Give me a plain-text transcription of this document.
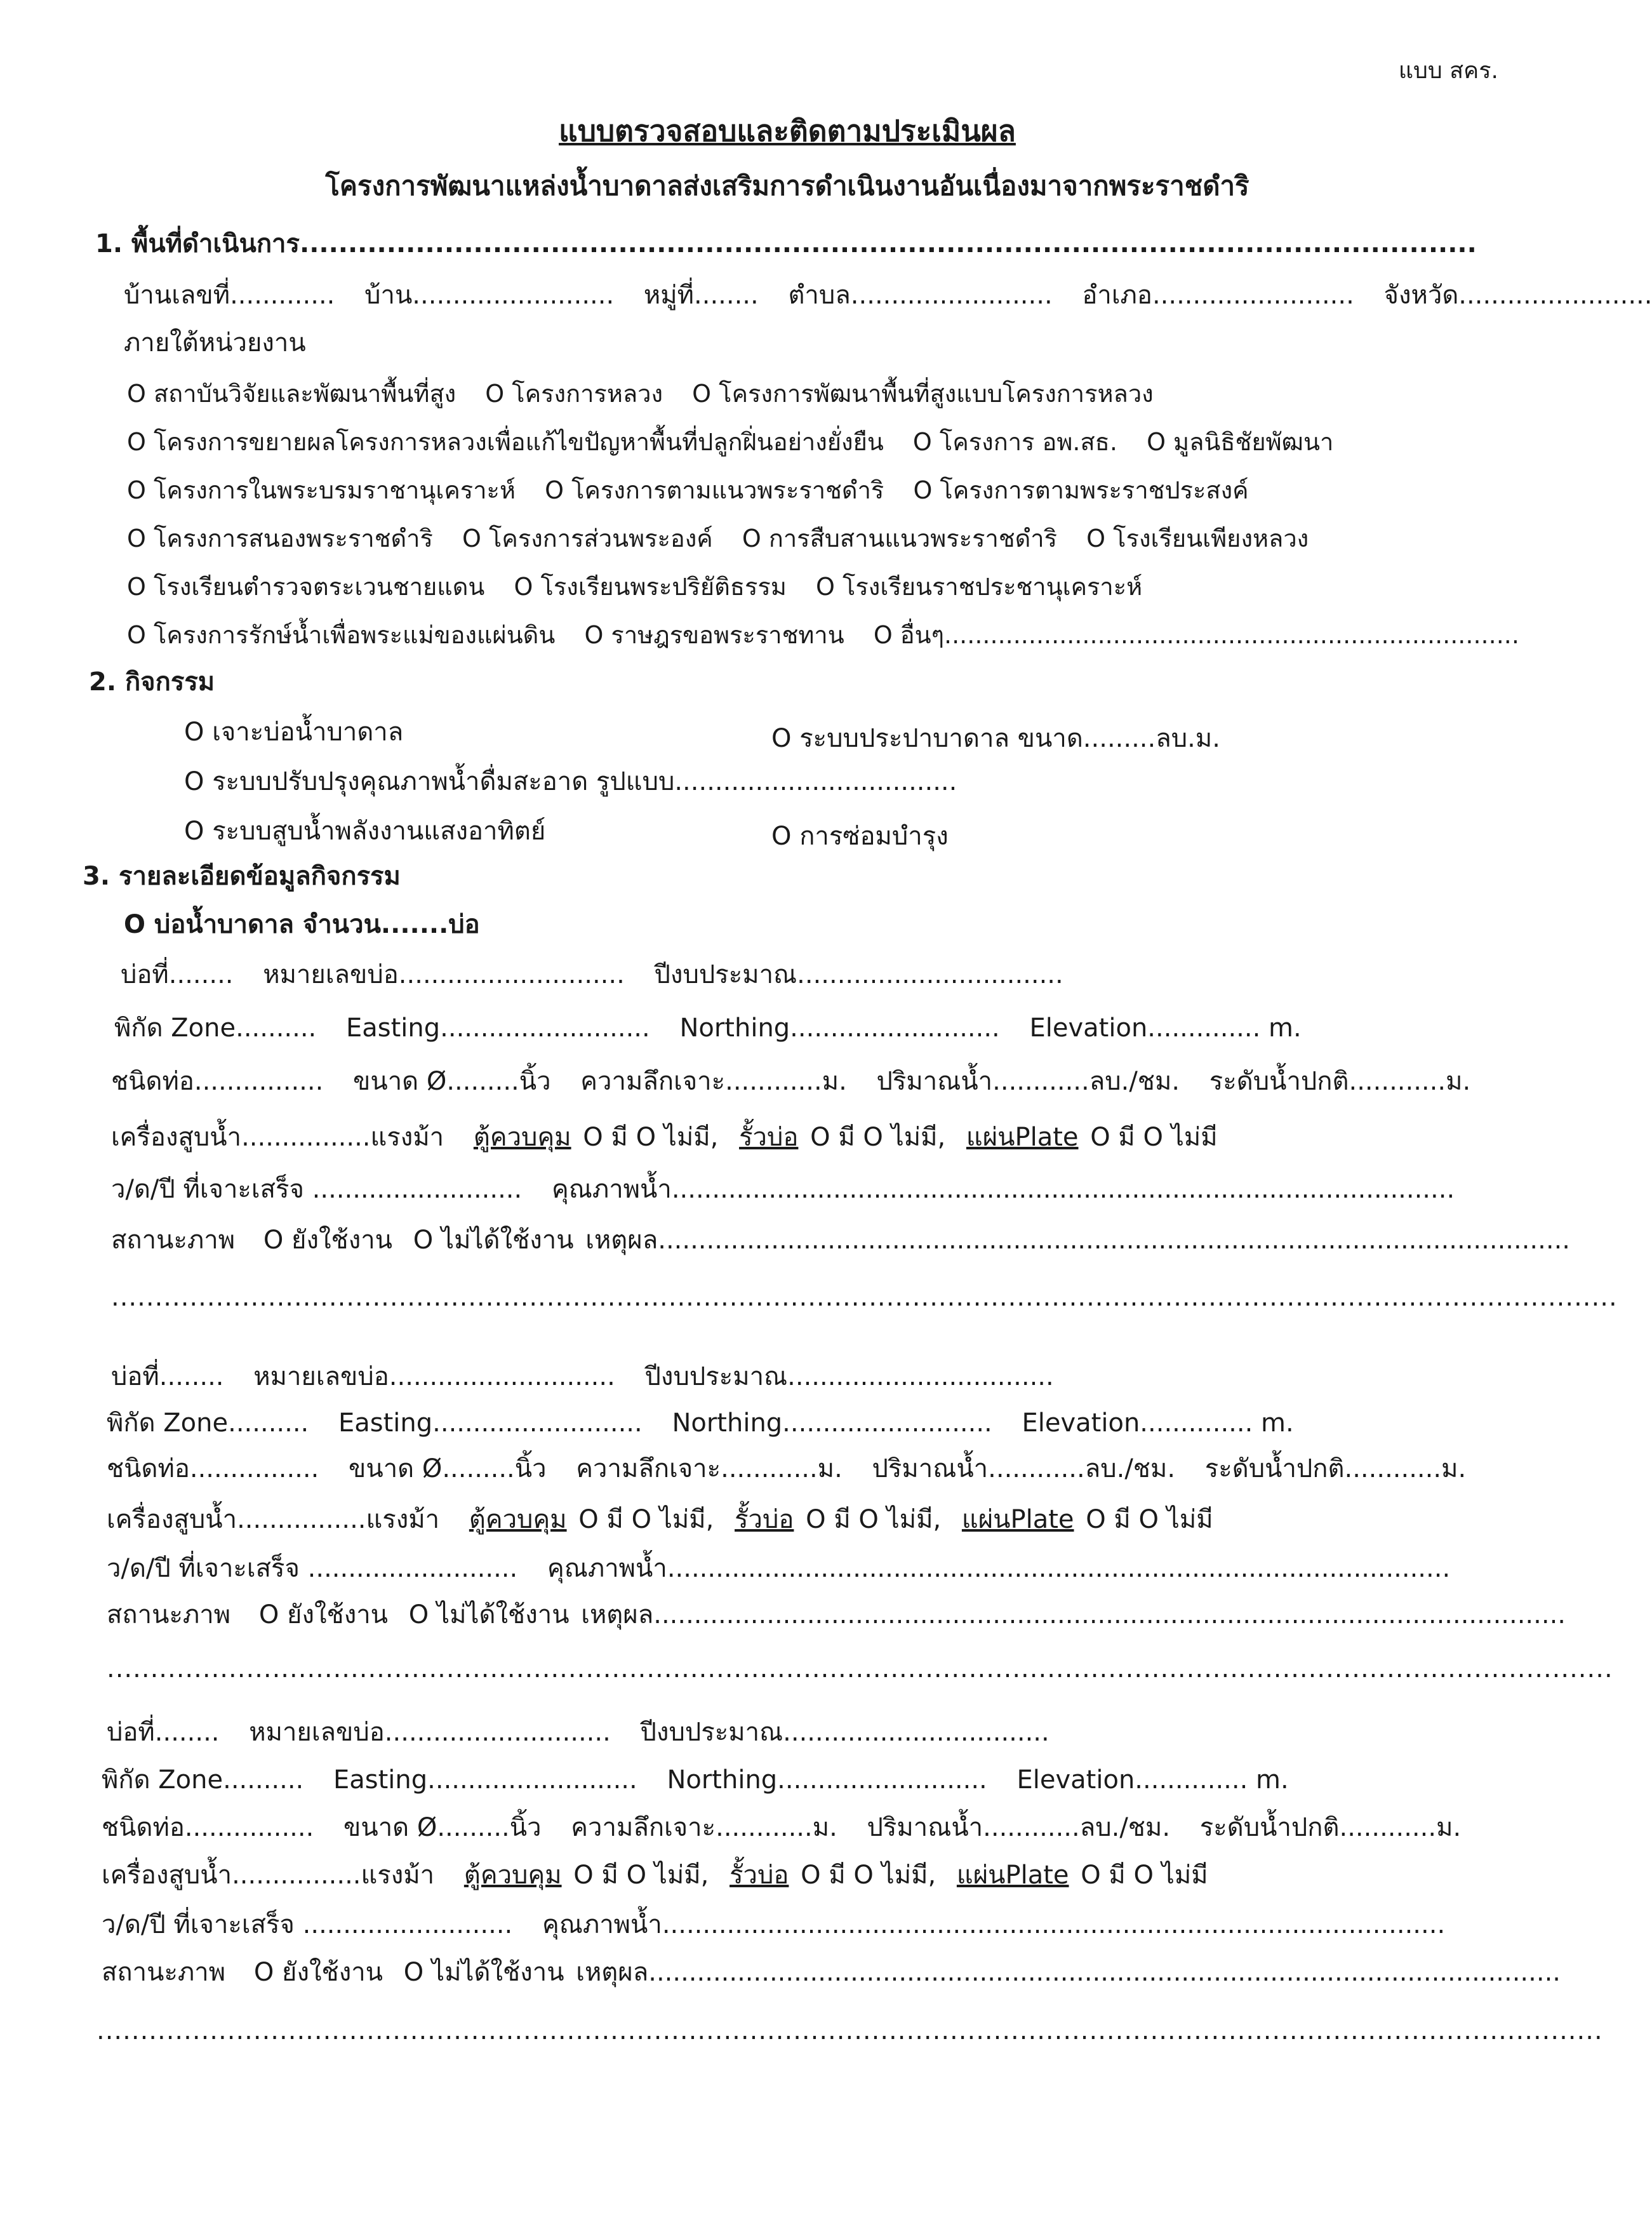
แบบ สคร.
แบบตรวจสอบและติดตามประเมินผล
โครงการพัฒนาแหล่งน้ำบาดาลส่งเสริมการดำเนินงานอันเนื่องมาจากพระราชดำริ
1. พื้นที่ดำเนินการ..........................................................................................................................
บ้านเลขที่............. บ้าน......................... หมู่ที่........ ตำบล......................... อำเภอ......................... จังหวัด........................
ภายใต้หน่วยงาน
O สถาบันวิจัยและพัฒนาพื้นที่สูง O โครงการหลวง O โครงการพัฒนาพื้นที่สูงแบบโครงการหลวง
O โครงการขยายผลโครงการหลวงเพื่อแก้ไขปัญหาพื้นที่ปลูกฝิ่นอย่างยั่งยืน O โครงการ อพ.สธ. O มูลนิธิชัยพัฒนา
O โครงการในพระบรมราชานุเคราะห์ O โครงการตามแนวพระราชดำริ O โครงการตามพระราชประสงค์
O โครงการสนองพระราชดำริ O โครงการส่วนพระองค์ O การสืบสานแนวพระราชดำริ O โรงเรียนเพียงหลวง
O โรงเรียนตำรวจตระเวนชายแดน O โรงเรียนพระปริยัติธรรม O โรงเรียนราชประชานุเคราะห์
O โครงการรักษ์น้ำเพื่อพระแม่ของแผ่นดิน O ราษฎรขอพระราชทาน O อื่นๆ...........................................................................
2. กิจกรรม
O เจาะบ่อน้ำบาดาล	O ระบบประปาบาดาล ขนาด.........ลบ.ม.
O ระบบปรับปรุงคุณภาพน้ำดื่มสะอาด รูปแบบ...................................
O ระบบสูบน้ำพลังงานแสงอาทิตย์	O การซ่อมบำรุง
3. รายละเอียดข้อมูลกิจกรรม
O บ่อน้ำบาดาล จำนวน.......บ่อ
บ่อที่........ หมายเลขบ่อ............................ ปีงบประมาณ.................................
พิกัด Zone.......... Easting.......................... Northing.......................... Elevation.............. m.
ชนิดท่อ................ ขนาด Ø.........นิ้ว ความลึกเจาะ............ม. ปริมาณน้ำ............ลบ./ชม. ระดับน้ำปกติ............ม.
เครื่องสูบน้ำ................แรงม้า ตู้ควบคุม O มี O ไม่มี, รั้วบ่อ O มี O ไม่มี, แผ่นPlate O มี O ไม่มี
ว/ด/ปี ที่เจาะเสร็จ .......................... คุณภาพน้ำ.................................................................................................
สถานะภาพ O ยังใช้งาน O ไม่ได้ใช้งาน เหตุผล.................................................................................................................
.............................................................................................................................................................................
บ่อที่........ หมายเลขบ่อ............................ ปีงบประมาณ.................................
พิกัด Zone.......... Easting.......................... Northing.......................... Elevation.............. m.
ชนิดท่อ................ ขนาด Ø.........นิ้ว ความลึกเจาะ............ม. ปริมาณน้ำ............ลบ./ชม. ระดับน้ำปกติ............ม.
เครื่องสูบน้ำ................แรงม้า ตู้ควบคุม O มี O ไม่มี, รั้วบ่อ O มี O ไม่มี, แผ่นPlate O มี O ไม่มี
ว/ด/ปี ที่เจาะเสร็จ .......................... คุณภาพน้ำ.................................................................................................
สถานะภาพ O ยังใช้งาน O ไม่ได้ใช้งาน เหตุผล.................................................................................................................
.............................................................................................................................................................................
บ่อที่........ หมายเลขบ่อ............................ ปีงบประมาณ.................................
พิกัด Zone.......... Easting.......................... Northing.......................... Elevation.............. m.
ชนิดท่อ................ ขนาด Ø.........นิ้ว ความลึกเจาะ............ม. ปริมาณน้ำ............ลบ./ชม. ระดับน้ำปกติ............ม.
เครื่องสูบน้ำ................แรงม้า ตู้ควบคุม O มี O ไม่มี, รั้วบ่อ O มี O ไม่มี, แผ่นPlate O มี O ไม่มี
ว/ด/ปี ที่เจาะเสร็จ .......................... คุณภาพน้ำ.................................................................................................
สถานะภาพ O ยังใช้งาน O ไม่ได้ใช้งาน เหตุผล.................................................................................................................
.............................................................................................................................................................................
